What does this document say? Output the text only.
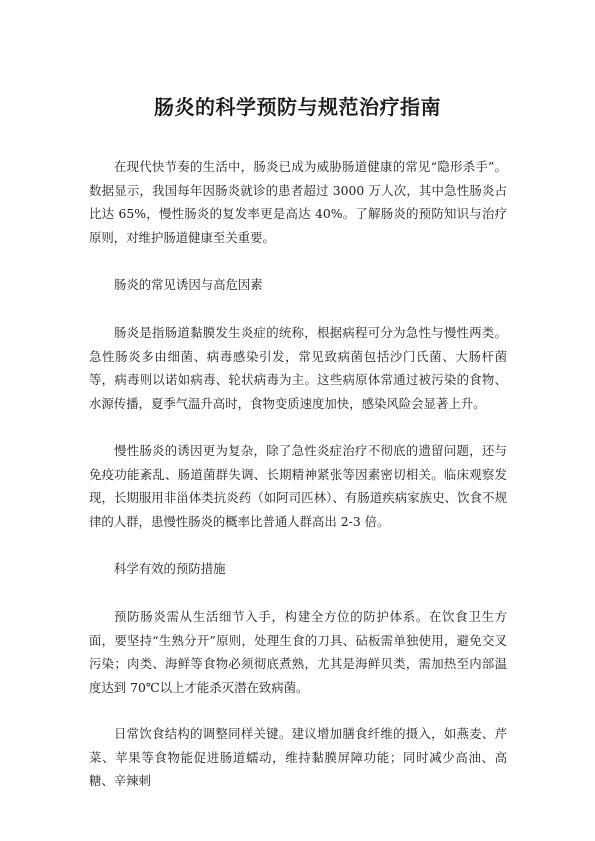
肠炎的科学预防与规范治疗指南

在现代快节奏的生活中，肠炎已成为威胁肠道健康的常见“隐形杀手”。数据显示，我国每年因肠炎就诊的患者超过 3000 万人次，其中急性肠炎占比达 65%，慢性肠炎的复发率更是高达 40%。了解肠炎的预防知识与治疗原则，对维护肠道健康至关重要。

肠炎的常见诱因与高危因素

肠炎是指肠道黏膜发生炎症的统称，根据病程可分为急性与慢性两类。急性肠炎多由细菌、病毒感染引发，常见致病菌包括沙门氏菌、大肠杆菌等，病毒则以诺如病毒、轮状病毒为主。这些病原体常通过被污染的食物、水源传播，夏季气温升高时，食物变质速度加快，感染风险会显著上升。

慢性肠炎的诱因更为复杂，除了急性炎症治疗不彻底的遗留问题，还与免疫功能紊乱、肠道菌群失调、长期精神紧张等因素密切相关。临床观察发现，长期服用非甾体类抗炎药（如阿司匹林）、有肠道疾病家族史、饮食不规律的人群，患慢性肠炎的概率比普通人群高出 2-3 倍。

科学有效的预防措施

预防肠炎需从生活细节入手，构建全方位的防护体系。在饮食卫生方面，要坚持“生熟分开”原则，处理生食的刀具、砧板需单独使用，避免交叉污染；肉类、海鲜等食物必须彻底煮熟，尤其是海鲜贝类，需加热至内部温度达到 70℃以上才能杀灭潜在致病菌。

日常饮食结构的调整同样关键。建议增加膳食纤维的摄入，如燕麦、芹菜、苹果等食物能促进肠道蠕动，维持黏膜屏障功能；同时减少高油、高糖、辛辣刺
